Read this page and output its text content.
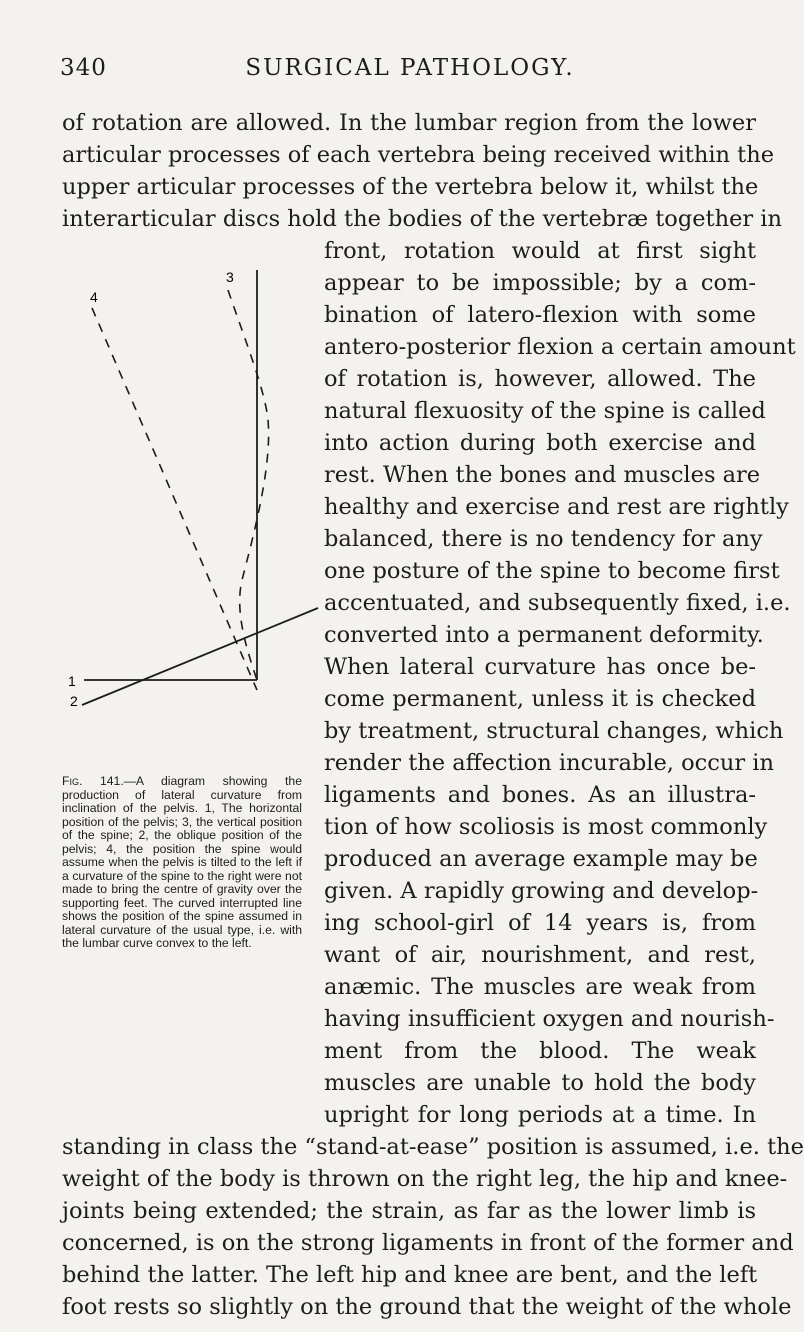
340	SURGICAL PATHOLOGY.
of rotation are allowed. In the lumbar region from the lower
articular processes of each vertebra being received within the
upper articular processes of the vertebra below it, whilst the
interarticular discs hold the bodies of the vertebræ together in
front, rotation would at first sight
appear to be impossible; by a com-
bination of latero-flexion with some
antero-posterior flexion a certain amount
of rotation is, however, allowed. The
natural flexuosity of the spine is called
into action during both exercise and
rest. When the bones and muscles are
healthy and exercise and rest are rightly
balanced, there is no tendency for any
one posture of the spine to become first
accentuated, and subsequently fixed, i.e.
converted into a permanent deformity.
When lateral curvature has once be-
come permanent, unless it is checked
by treatment, structural changes, which
render the affection incurable, occur in
ligaments and bones. As an illustra-
tion of how scoliosis is most commonly
produced an average example may be
given. A rapidly growing and develop-
ing school-girl of 14 years is, from
want of air, nourishment, and rest,
anæmic. The muscles are weak from
having insufficient oxygen and nourish-
ment from the blood. The weak
muscles are unable to hold the body
upright for long periods at a time. In
standing in class the “stand-at-ease” position is assumed, i.e. the
weight of the body is thrown on the right leg, the hip and knee-
joints being extended; the strain, as far as the lower limb is
concerned, is on the strong ligaments in front of the former and
behind the latter. The left hip and knee are bent, and the left
foot rests so slightly on the ground that the weight of the whole
3
4
1
2
Fig. 141.—A diagram showing the production of lateral curvature from inclination of the pelvis. 1, The horizontal position of the pelvis; 3, the vertical position of the spine; 2, the oblique position of the pelvis; 4, the position the spine would assume when the pelvis is tilted to the left if a curvature of the spine to the right were not made to bring the centre of gravity over the supporting feet. The curved interrupted line shows the position of the spine assumed in lateral curvature of the usual type, i.e. with the lumbar curve convex to the left.
